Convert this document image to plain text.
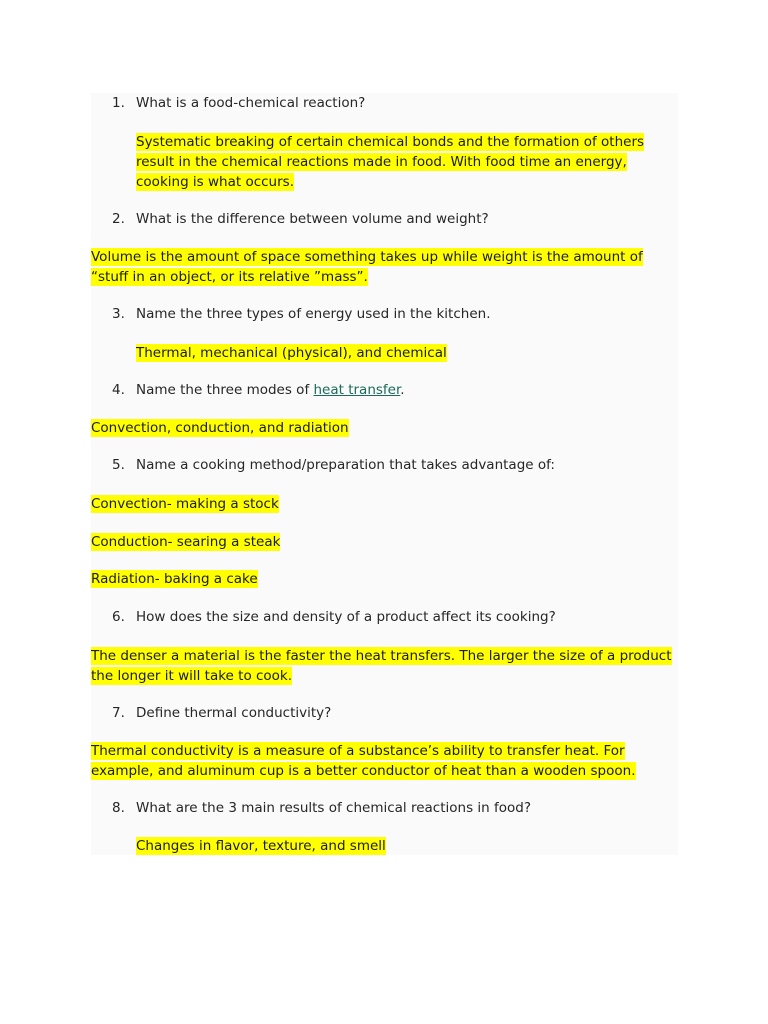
1. What is a food-chemical reaction?
Systematic breaking of certain chemical bonds and the formation of others result in the chemical reactions made in food. With food time an energy, cooking is what occurs.
2. What is the difference between volume and weight?
Volume is the amount of space something takes up while weight is the amount of “stuff in an object, or its relative ”mass”.
3. Name the three types of energy used in the kitchen.
Thermal, mechanical (physical), and chemical
4. Name the three modes of heat transfer.
Convection, conduction, and radiation
5. Name a cooking method/preparation that takes advantage of:
Convection- making a stock
Conduction- searing a steak
Radiation- baking a cake
6. How does the size and density of a product affect its cooking?
The denser a material is the faster the heat transfers. The larger the size of a product the longer it will take to cook.
7. Define thermal conductivity?
Thermal conductivity is a measure of a substance’s ability to transfer heat. For example, and aluminum cup is a better conductor of heat than a wooden spoon.
8. What are the 3 main results of chemical reactions in food?
Changes in flavor, texture, and smell
